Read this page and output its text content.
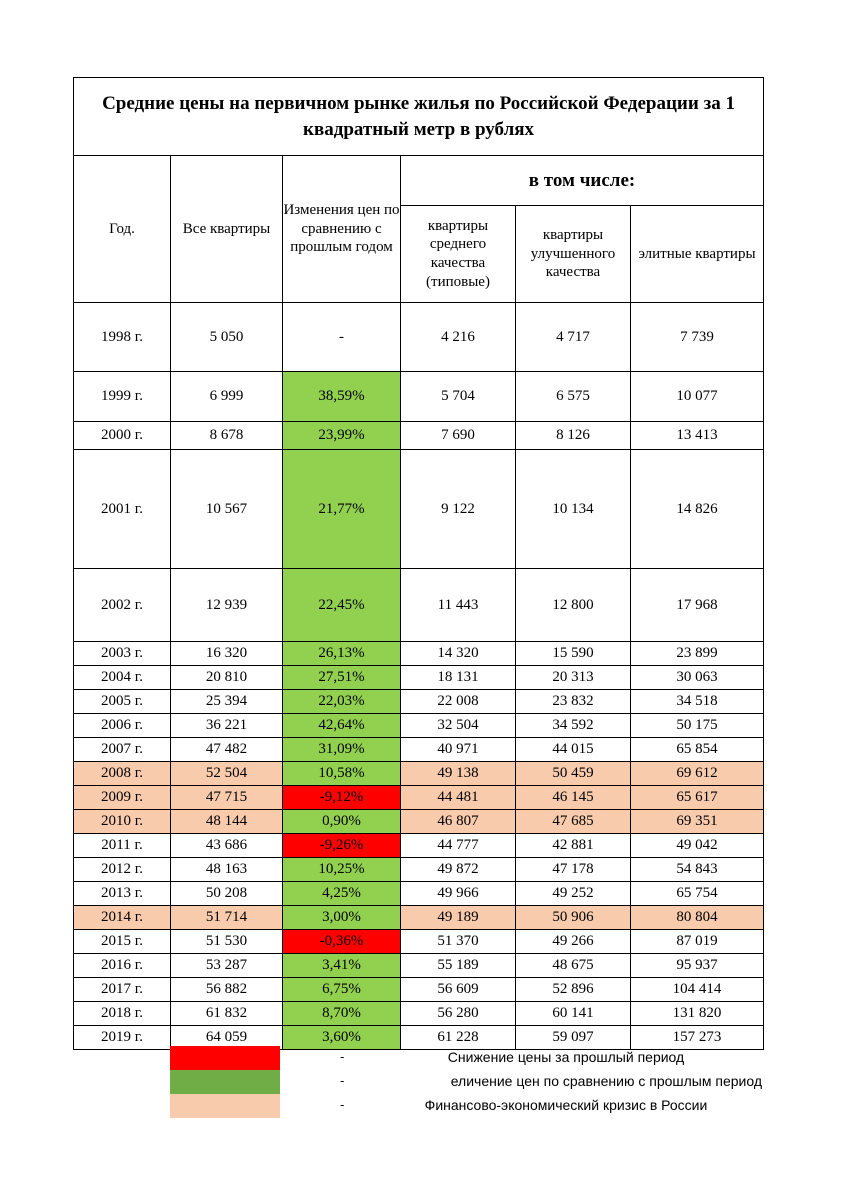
Средние цены на первичном рынке жилья по Российской Федерации за 1 квадратный метр в рублях					
Год.	Все квартиры	Изменения цен по сравнению с прошлым годом	в том числе:		
			квартиры среднего качества (типовые)	квартиры улучшенного качества	элитные квартиры
1998 г.	5 050	-	4 216	4 717	7 739
1999 г.	6 999	38,59%	5 704	6 575	10 077
2000 г.	8 678	23,99%	7 690	8 126	13 413
2001 г.	10 567	21,77%	9 122	10 134	14 826
2002 г.	12 939	22,45%	11 443	12 800	17 968
2003 г.	16 320	26,13%	14 320	15 590	23 899
2004 г.	20 810	27,51%	18 131	20 313	30 063
2005 г.	25 394	22,03%	22 008	23 832	34 518
2006 г.	36 221	42,64%	32 504	34 592	50 175
2007 г.	47 482	31,09%	40 971	44 015	65 854
2008 г.	52 504	10,58%	49 138	50 459	69 612
2009 г.	47 715	-9,12%	44 481	46 145	65 617
2010 г.	48 144	0,90%	46 807	47 685	69 351
2011 г.	43 686	-9,26%	44 777	42 881	49 042
2012 г.	48 163	10,25%	49 872	47 178	54 843
2013 г.	50 208	4,25%	49 966	49 252	65 754
2014 г.	51 714	3,00%	49 189	50 906	80 804
2015 г.	51 530	-0,36%	51 370	49 266	87 019
2016 г.	53 287	3,41%	55 189	48 675	95 937
2017 г.	56 882	6,75%	56 609	52 896	104 414
2018 г.	61 832	8,70%	56 280	60 141	131 820
2019 г.	64 059	3,60%	61 228	59 097	157 273
-	Снижение цены за прошлый период
-	еличение цен по сравнению с прошлым период
-	Финансово-экономический кризис в России
